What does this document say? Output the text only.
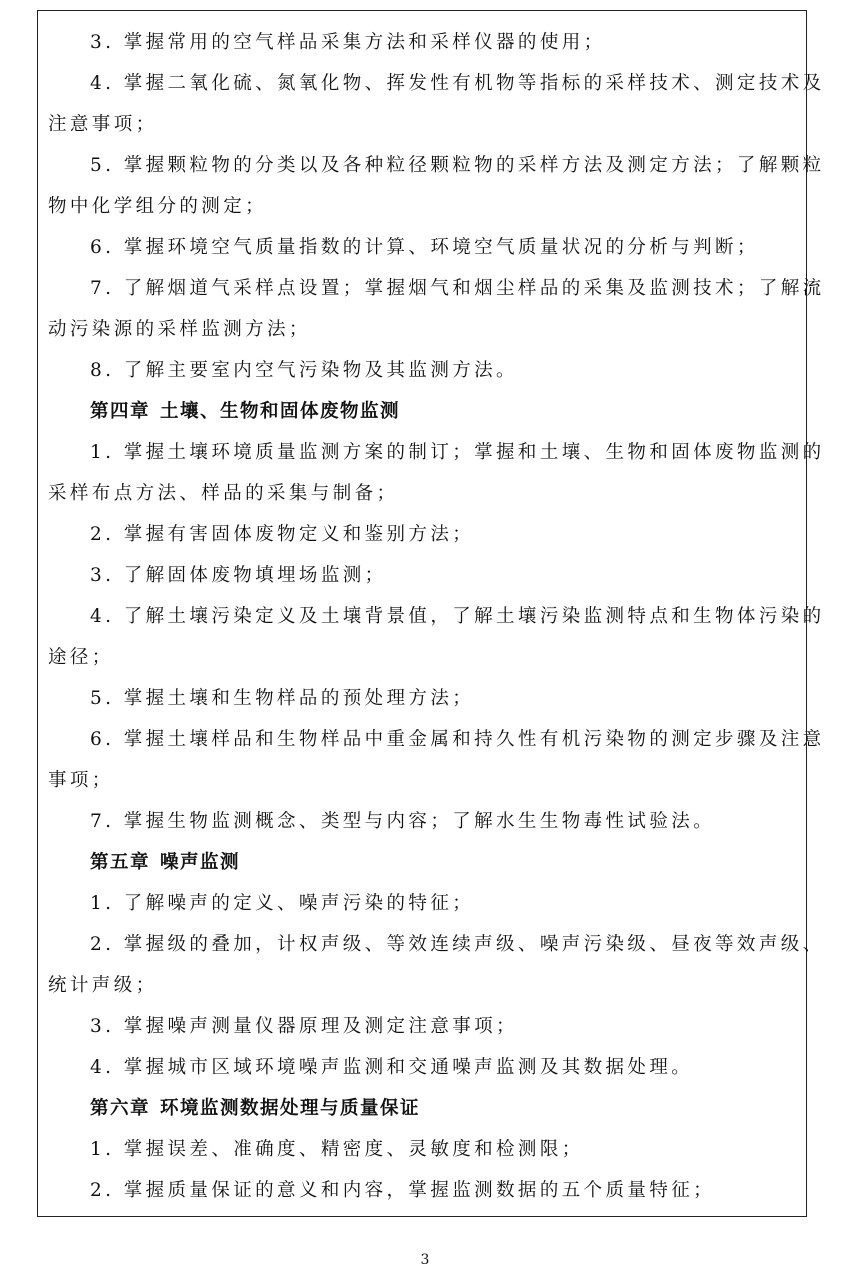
3. 掌握常用的空气样品采集方法和采样仪器的使用；
4. 掌握二氧化硫、氮氧化物、挥发性有机物等指标的采样技术、测定技术及
注意事项；
5. 掌握颗粒物的分类以及各种粒径颗粒物的采样方法及测定方法；了解颗粒
物中化学组分的测定；
6. 掌握环境空气质量指数的计算、环境空气质量状况的分析与判断；
7. 了解烟道气采样点设置；掌握烟气和烟尘样品的采集及监测技术；了解流
动污染源的采样监测方法；
8. 了解主要室内空气污染物及其监测方法。
第四章 土壤、生物和固体废物监测
1. 掌握土壤环境质量监测方案的制订；掌握和土壤、生物和固体废物监测的
采样布点方法、样品的采集与制备；
2. 掌握有害固体废物定义和鉴别方法；
3. 了解固体废物填埋场监测；
4. 了解土壤污染定义及土壤背景值，了解土壤污染监测特点和生物体污染的
途径；
5. 掌握土壤和生物样品的预处理方法；
6. 掌握土壤样品和生物样品中重金属和持久性有机污染物的测定步骤及注意
事项；
7. 掌握生物监测概念、类型与内容；了解水生生物毒性试验法。
第五章 噪声监测
1. 了解噪声的定义、噪声污染的特征；
2. 掌握级的叠加，计权声级、等效连续声级、噪声污染级、昼夜等效声级、
统计声级；
3. 掌握噪声测量仪器原理及测定注意事项；
4. 掌握城市区域环境噪声监测和交通噪声监测及其数据处理。
第六章 环境监测数据处理与质量保证
1. 掌握误差、准确度、精密度、灵敏度和检测限；
2. 掌握质量保证的意义和内容，掌握监测数据的五个质量特征；
3
